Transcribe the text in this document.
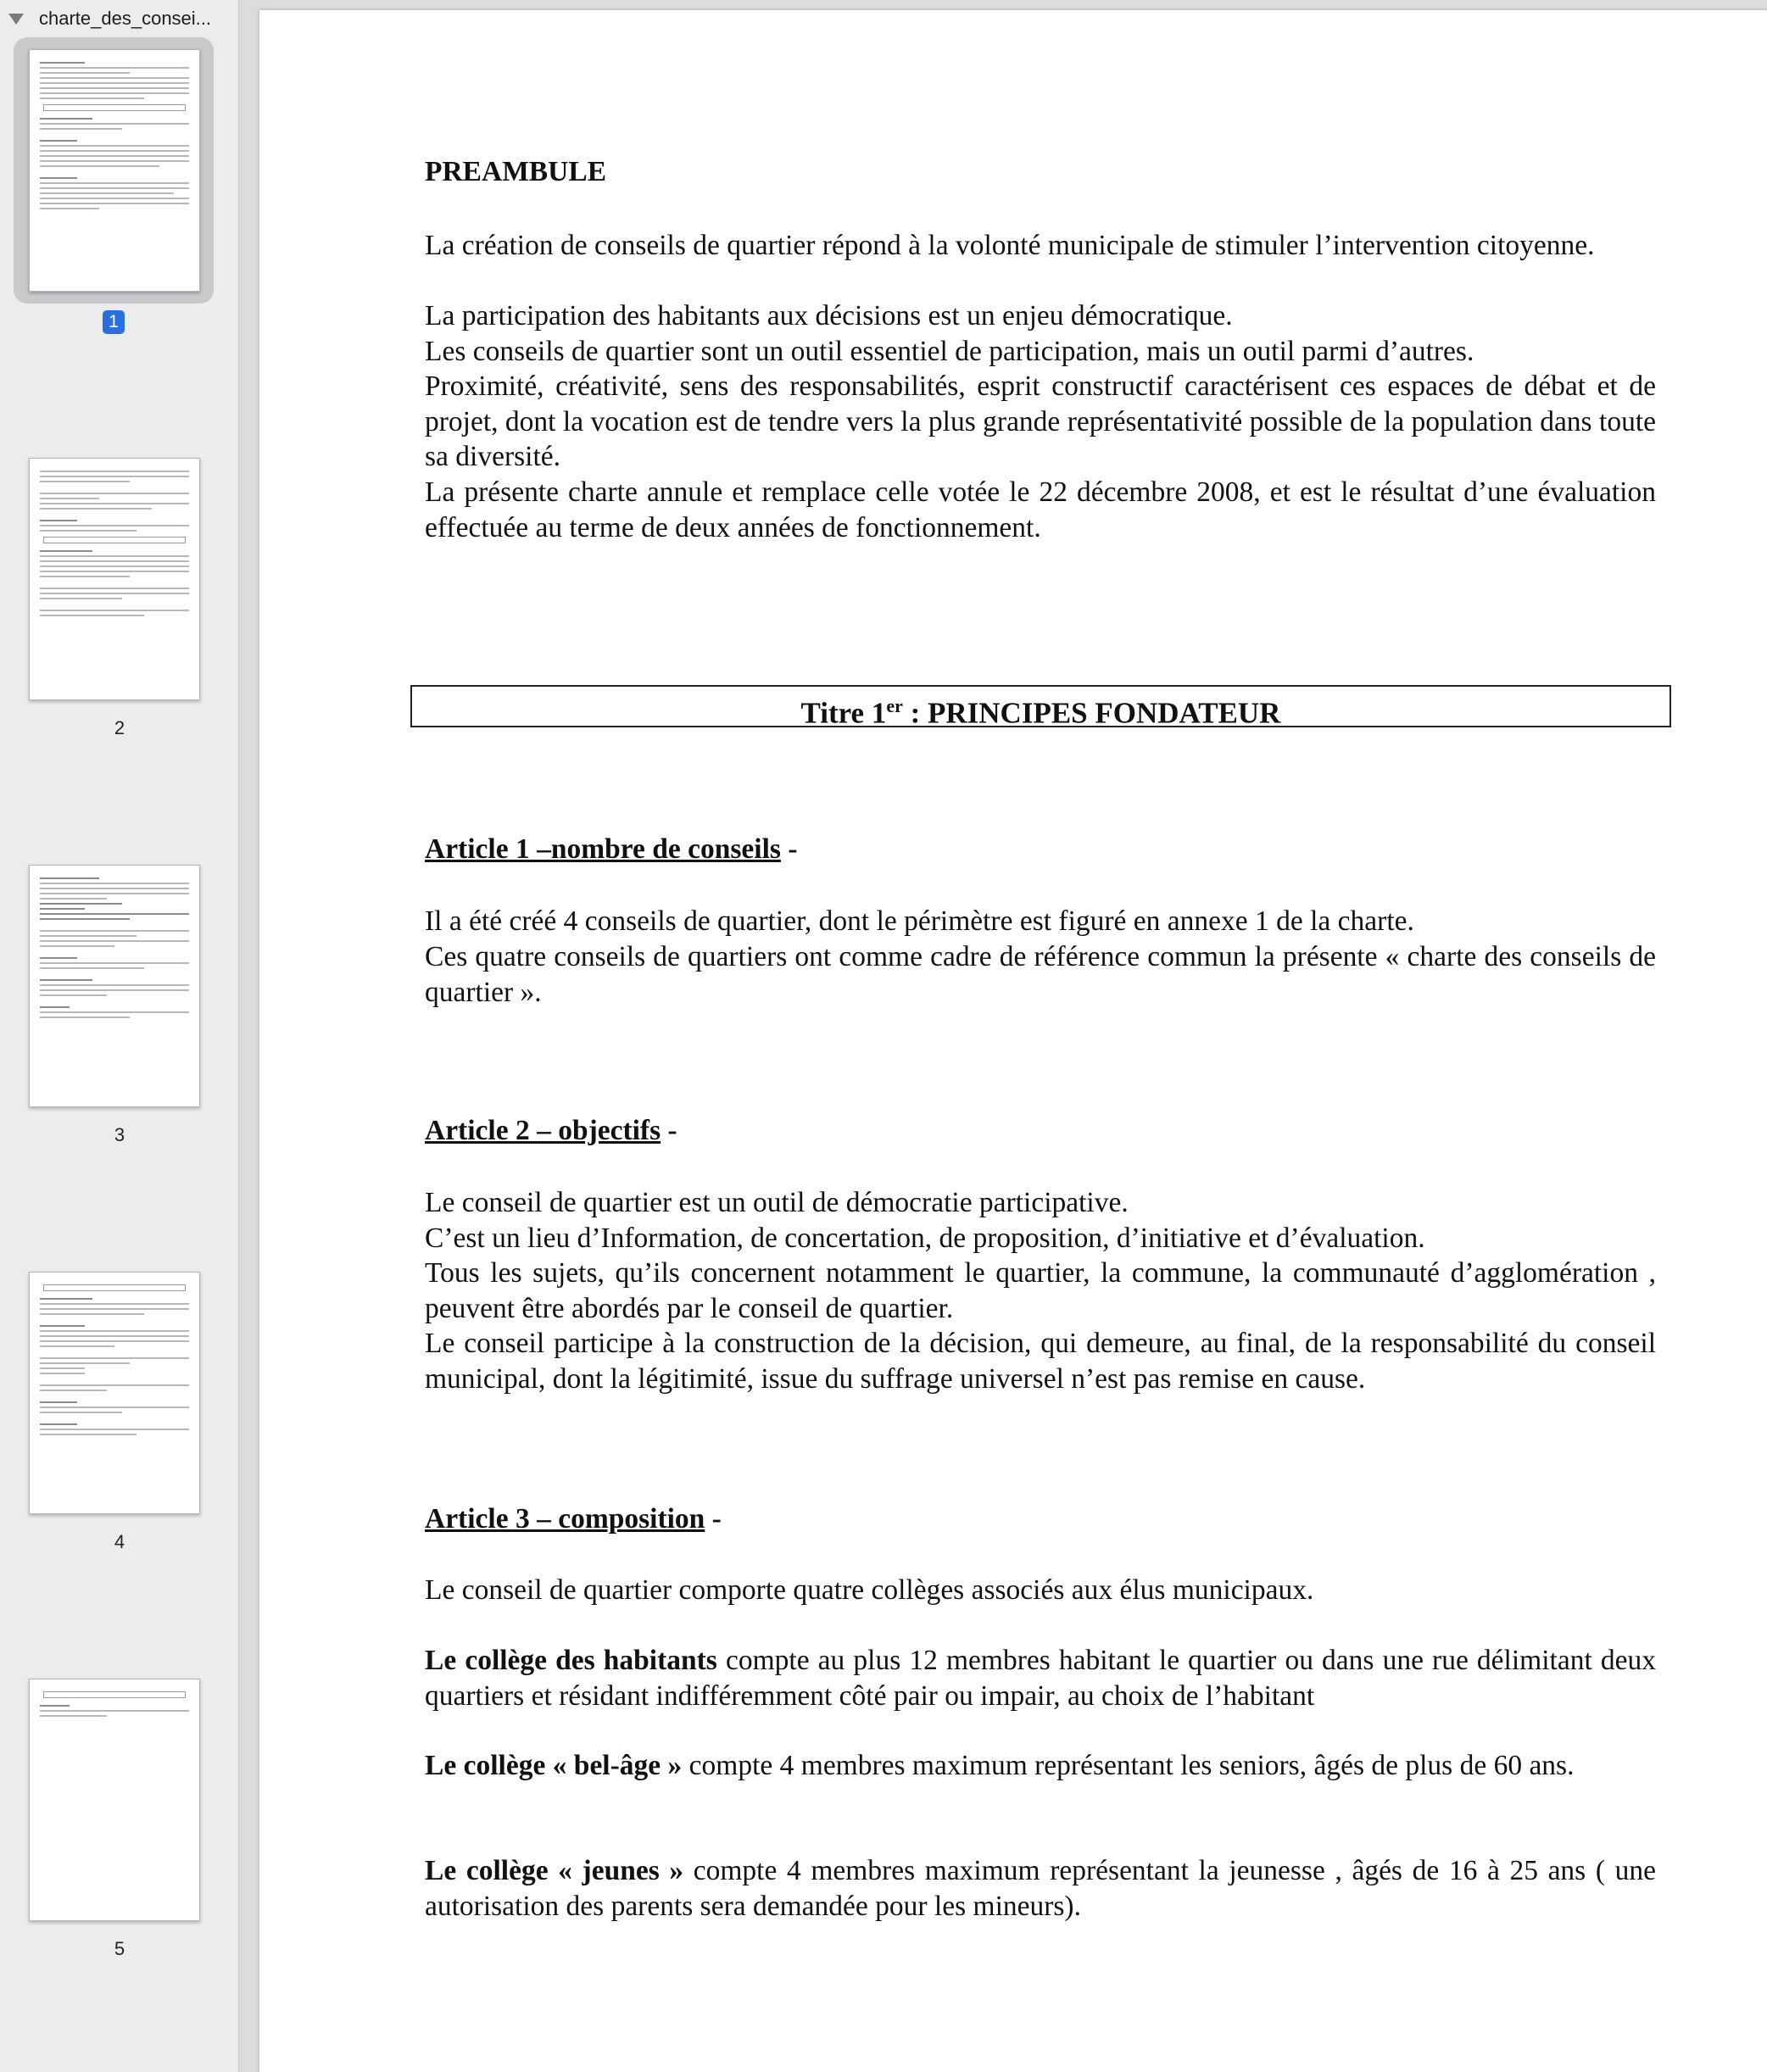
charte_des_consei...
1
2
3
4
5
PREAMBULE
La création de conseils de quartier répond à la volonté municipale de stimuler l’intervention citoyenne.
La participation des habitants aux décisions est un enjeu démocratique.
Les conseils de quartier sont un outil essentiel de participation, mais un outil parmi d’autres.
Proximité, créativité, sens des responsabilités, esprit constructif caractérisent ces espaces de débat et de projet, dont la vocation est de tendre vers la plus grande représentativité possible de la population dans toute sa diversité.
La présente charte annule et remplace celle votée le 22 décembre 2008, et est le résultat d’une évaluation effectuée au terme de deux années de fonctionnement.
Titre 1er : PRINCIPES FONDATEUR
Article 1 –nombre de conseils -
Il a été créé 4 conseils de quartier, dont le périmètre est figuré en annexe 1 de la charte.
Ces quatre conseils de quartiers ont comme cadre de référence commun la présente « charte des conseils de quartier ».
Article 2 – objectifs -
Le conseil de quartier est un outil de démocratie participative.
C’est un lieu d’Information, de concertation, de proposition, d’initiative et d’évaluation.
Tous les sujets, qu’ils concernent notamment le quartier, la commune, la communauté d’agglomération , peuvent être abordés par le conseil de quartier.
Le conseil participe à la construction de la décision, qui demeure, au final, de la responsabilité du conseil municipal, dont la légitimité, issue du suffrage universel n’est pas remise en cause.
Article 3 – composition -
Le conseil de quartier comporte quatre collèges associés aux élus municipaux.
Le collège des habitants compte au plus 12 membres habitant le quartier ou dans une rue délimitant deux quartiers et résidant indifféremment côté pair ou impair, au choix de l’habitant
Le collège « bel-âge » compte 4 membres maximum représentant les seniors, âgés de plus de 60 ans.
Le collège « jeunes » compte 4 membres maximum représentant la jeunesse , âgés de 16 à 25 ans ( une autorisation des parents sera demandée pour les mineurs).
